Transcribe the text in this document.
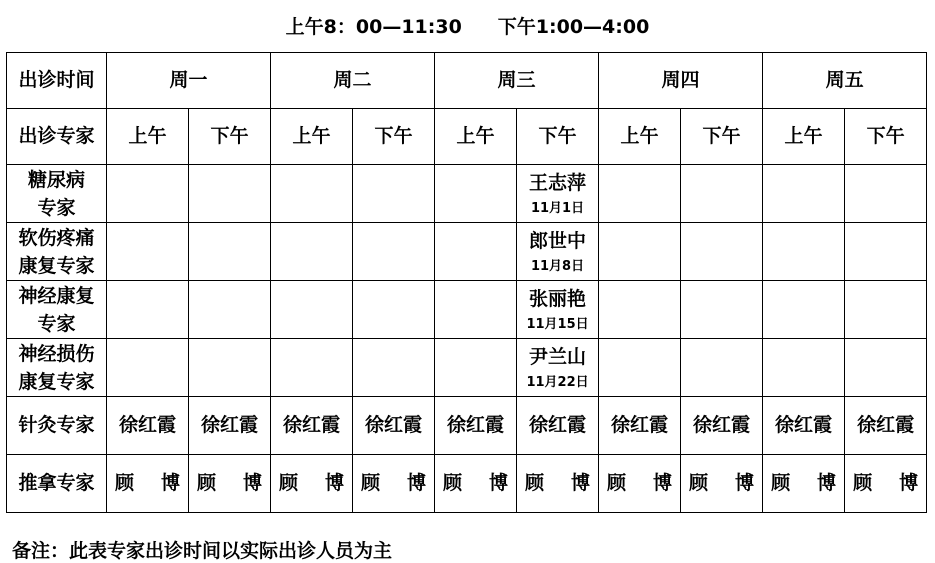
上午8：00—11:30 下午1:00—4:00
出诊时间	周一		周二		周三		周四		周五	
出诊专家	上午	下午	上午	下午	上午	下午	上午	下午	上午	下午

糖尿病
专家						王志萍
11月1日				

软伤疼痛
康复专家						郎世中
11月8日				

神经康复
专家						张丽艳
11月15日				

神经损伤
康复专家						尹兰山
11月22日				

针灸专家	徐红霞	徐红霞	徐红霞	徐红霞	徐红霞	徐红霞	徐红霞	徐红霞	徐红霞	徐红霞
推拿专家	顾 博	顾 博	顾 博	顾 博	顾 博	顾 博	顾 博	顾 博	顾 博	顾 博
备注：此表专家出诊时间以实际出诊人员为主
